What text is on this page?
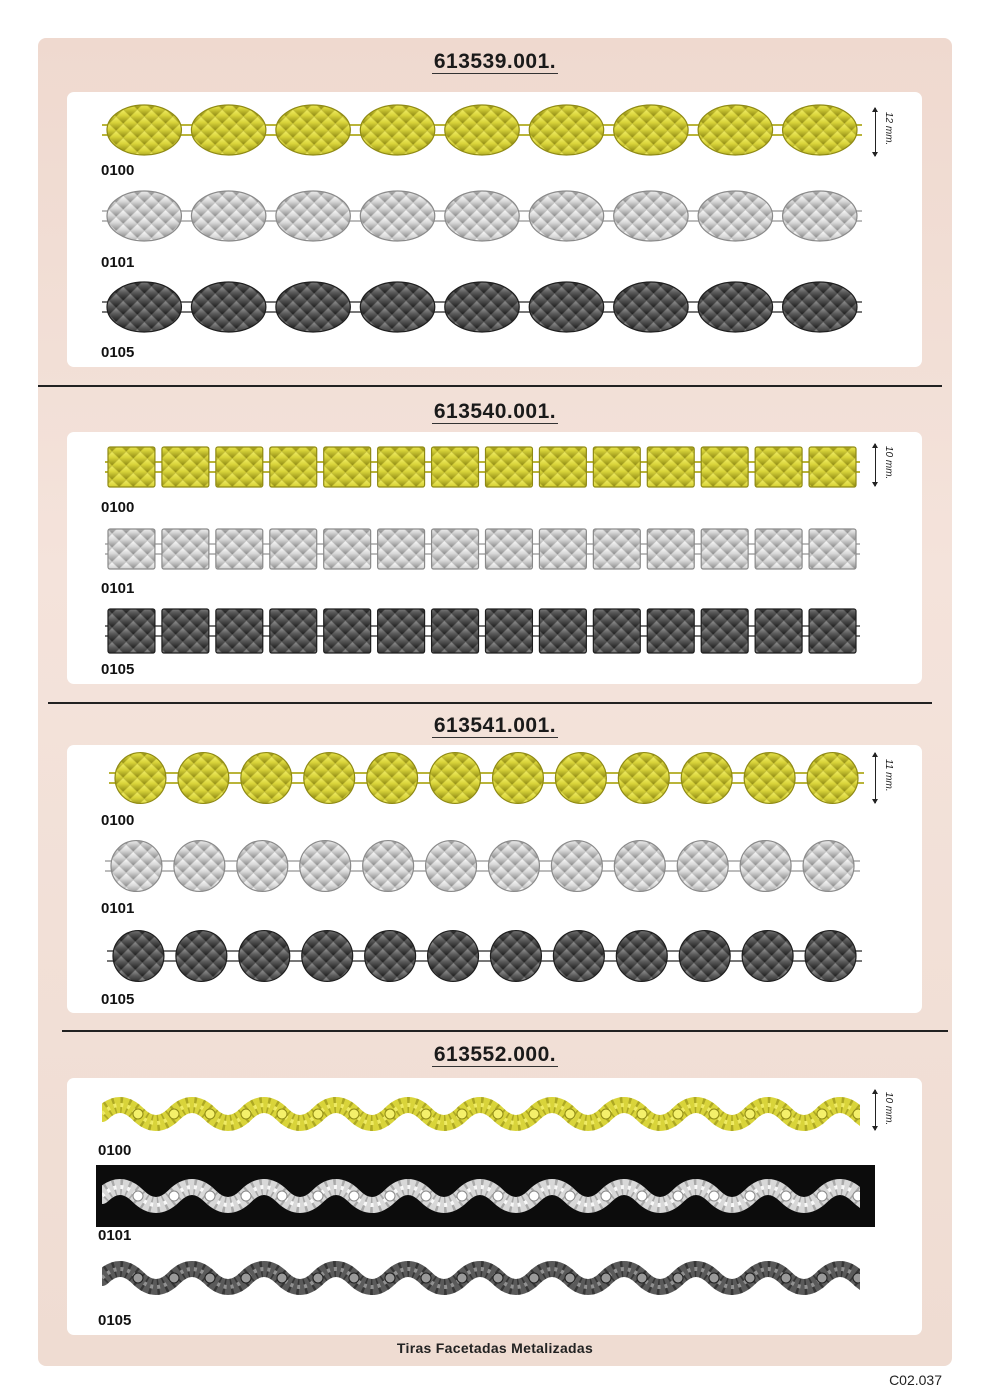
613539.001.
0100
0101
0105
12 mm.
613540.001.
0100
0101
0105
10 mm.
613541.001.
0100
0101
0105
11 mm.
613552.000.
0100
0101
0105
10 mm.
Tiras Facetadas Metalizadas
C02.037
